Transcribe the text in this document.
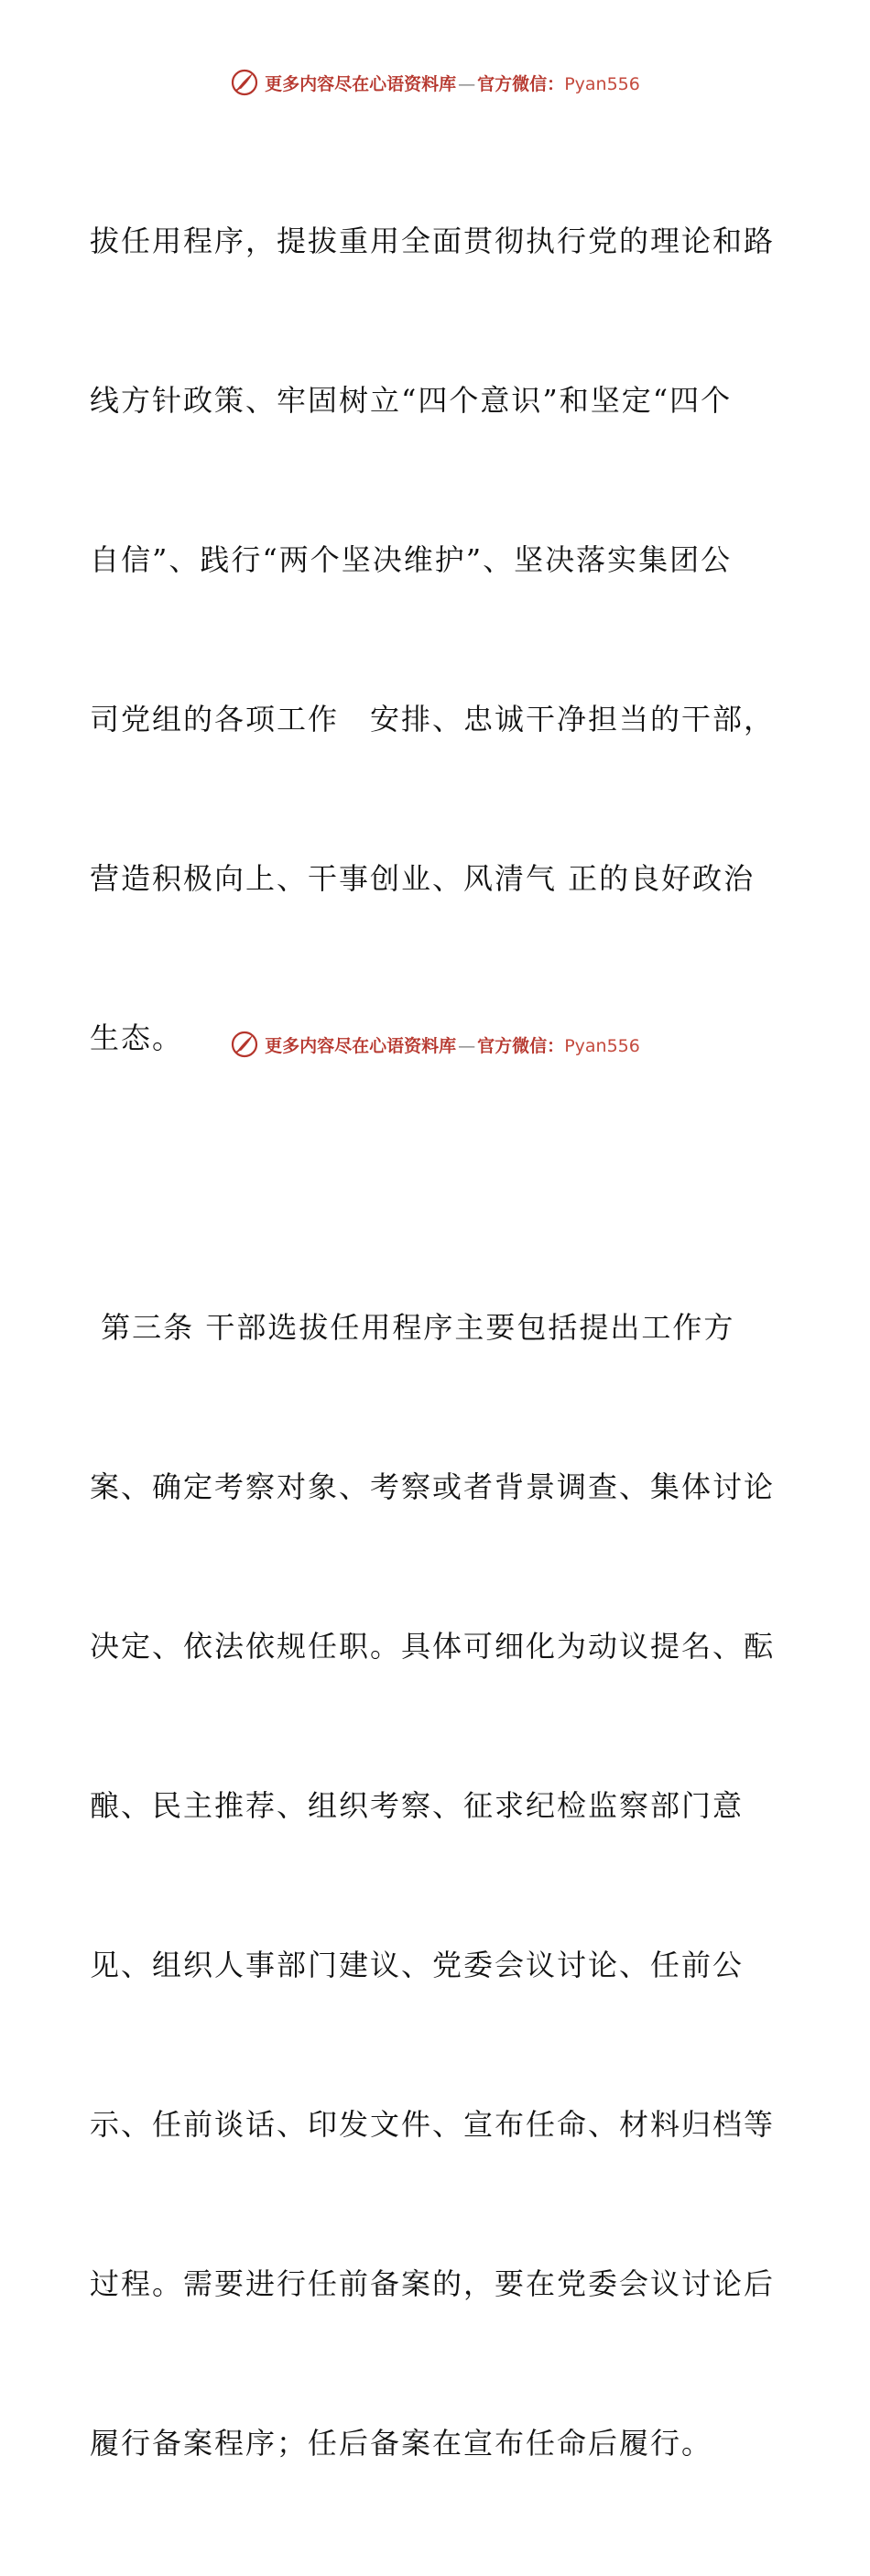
更多内容尽在心语资料库 — 官方微信： Pyan556

拔任用程序，提拔重用全面贯彻执行党的理论和路

线方针政策、牢固树立“四个意识”和坚定“四个

自信”、践行“两个坚决维护”、坚决落实集团公

司党组的各项工作　安排、忠诚干净担当的干部，

营造积极向上、干事创业、风清气 正的良好政治

生态。

第三条 干部选拔任用程序主要包括提出工作方

案、确定考察对象、考察或者背景调查、集体讨论

决定、依法依规任职。具体可细化为动议提名、酝

酿、民主推荐、组织考察、征求纪检监察部门意

见、组织人事部门建议、党委会议讨论、任前公

示、任前谈话、印发文件、宣布任命、材料归档等

过程。需要进行任前备案的，要在党委会议讨论后

履行备案程序；任后备案在宣布任命后履行。

更多内容尽在心语资料库 — 官方微信： Pyan556
